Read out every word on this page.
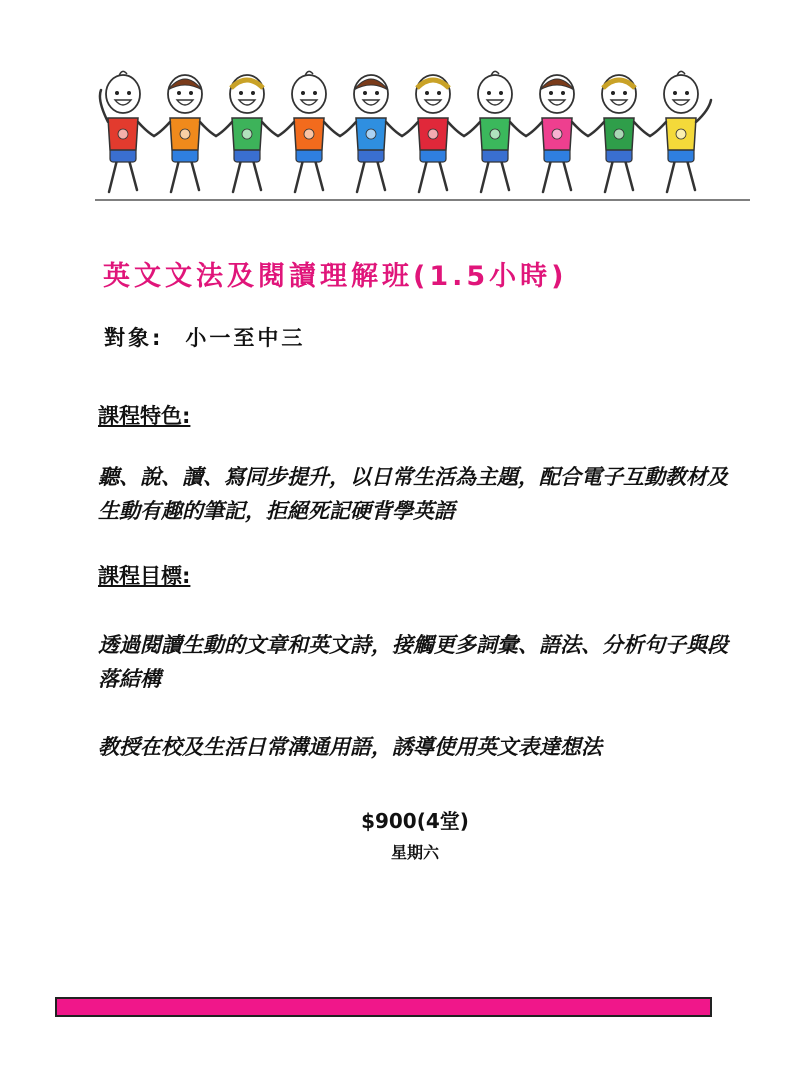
英文文法及閱讀理解班(1.5小時)
對象: 小一至中三
課程特色:
聽、說、讀、寫同步提升，以日常生活為主題，配合電子互動教材及生動有趣的筆記，拒絕死記硬背學英語
課程目標:
透過閱讀生動的文章和英文詩，接觸更多詞彙、語法、分析句子與段落結構
教授在校及生活日常溝通用語，誘導使用英文表達想法
$900(4堂)
星期六
